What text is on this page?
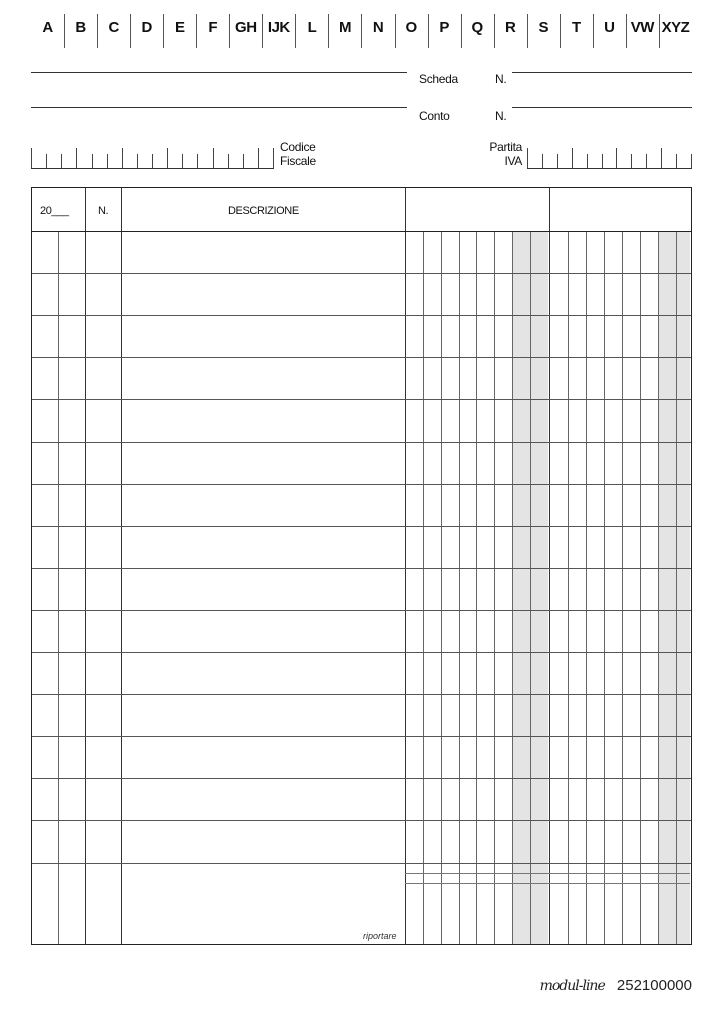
A	B	C	D	E	F	GH IJK	L	M	N	O	P	Q	R	S	T	U	VW XYZ
Scheda	N.
Conto	N.
Codice
Fiscale
Partita
IVA
20___	N.	DESCRIZIONE
riportare
modul-line 252100000
